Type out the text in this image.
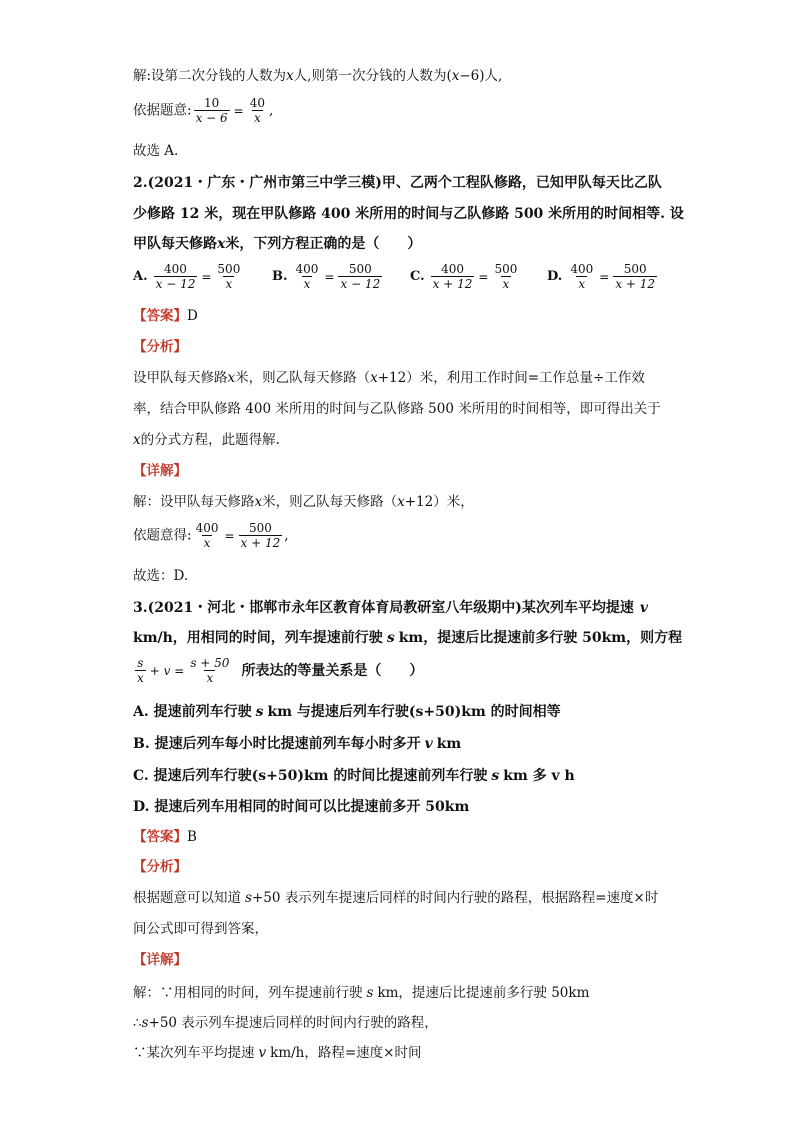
解:设第二次分钱的人数为x人,则第一次分钱的人数为(x−6)人,
依据题意: $\frac{10}{x - 6} = \frac{40}{x}$ ,
故选 A.
2.(2021・广东・广州市第三中学三模)甲、乙两个工程队修路，已知甲队每天比乙队
少修路 12 米，现在甲队修路 400 米所用的时间与乙队修路 500 米所用的时间相等. 设
甲队每天修路x米，下列方程正确的是（　　）
A. $\frac{400}{x - 12} = \frac{500}{x} B$. $\frac{400}{x} = \frac{500}{x - 12} C$. $\frac{400}{x + 12} = \frac{500}{x} D$. $\frac{400}{x} = \frac{500}{x + 12}$
【答案】D
【分析】
设甲队每天修路x米，则乙队每天修路（x+12）米，利用工作时间=工作总量÷工作效
率，结合甲队修路 400 米所用的时间与乙队修路 500 米所用的时间相等，即可得出关于
x的分式方程，此题得解.
【详解】
解：设甲队每天修路x米，则乙队每天修路（x+12）米，
依题意得: $\frac{400}{x} = \frac{500}{x + 12}$ ,
故选：D.
3.(2021・河北・邯郸市永年区教育体育局教研室八年级期中)某次列车平均提速 v
km/h，用相同的时间，列车提速前行驶 s km，提速后比提速前多行驶 50km，则方程
$\frac{s}{x} + v = \frac{s + 50}{x}$ 所表达的等量关系是（　　）
A. 提速前列车行驶 s km 与提速后列车行驶(s+50)km 的时间相等
B. 提速后列车每小时比提速前列车每小时多开 v km
C. 提速后列车行驶(s+50)km 的时间比提速前列车行驶 s km 多 v h
D. 提速后列车用相同的时间可以比提速前多开 50km
【答案】B
【分析】
根据题意可以知道 s+50 表示列车提速后同样的时间内行驶的路程，根据路程=速度×时
间公式即可得到答案，
【详解】
解：∵用相同的时间，列车提速前行驶 s km，提速后比提速前多行驶 50km
∴s+50 表示列车提速后同样的时间内行驶的路程，
∵某次列车平均提速 v km/h，路程=速度×时间
